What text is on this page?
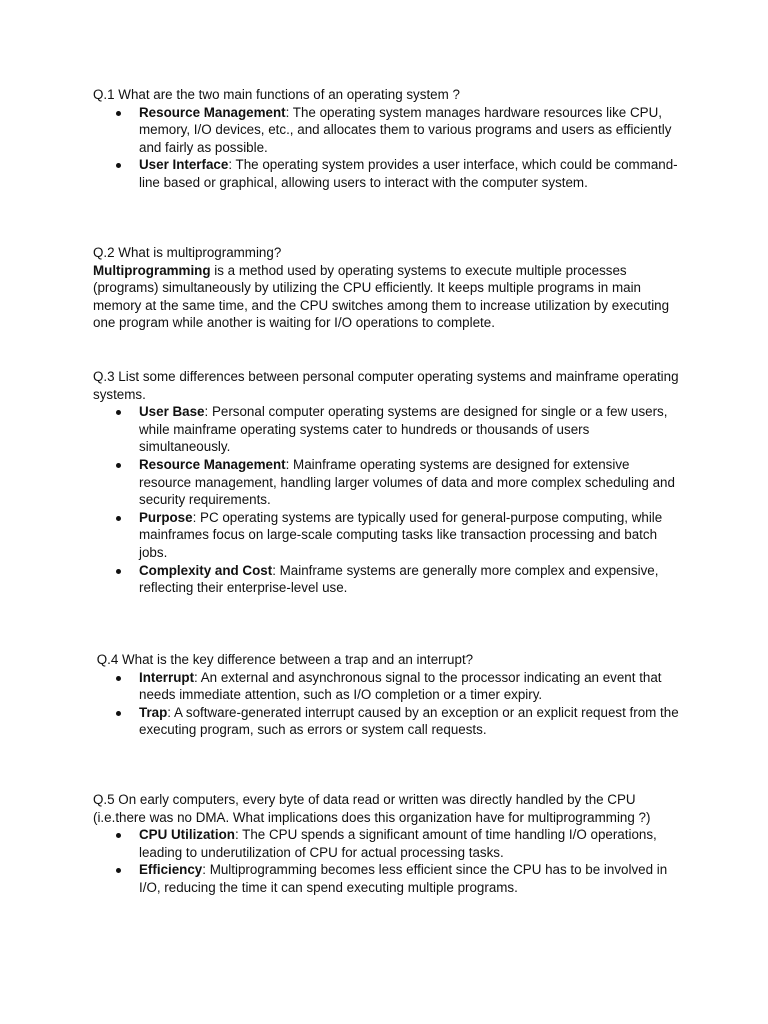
Q.1 What are the two main functions of an operating system ?

Resource Management: The operating system manages hardware resources like CPU, memory, I/O devices, etc., and allocates them to various programs and users as efficiently and fairly as possible.
User Interface: The operating system provides a user interface, which could be command-line based or graphical, allowing users to interact with the computer system.

Q.2 What is multiprogramming?

Multiprogramming is a method used by operating systems to execute multiple processes (programs) simultaneously by utilizing the CPU efficiently. It keeps multiple programs in main memory at the same time, and the CPU switches among them to increase utilization by executing one program while another is waiting for I/O operations to complete.

Q.3 List some differences between personal computer operating systems and mainframe operating systems.

User Base: Personal computer operating systems are designed for single or a few users, while mainframe operating systems cater to hundreds or thousands of users simultaneously.
Resource Management: Mainframe operating systems are designed for extensive resource management, handling larger volumes of data and more complex scheduling and security requirements.
Purpose: PC operating systems are typically used for general-purpose computing, while mainframes focus on large-scale computing tasks like transaction processing and batch jobs.
Complexity and Cost: Mainframe systems are generally more complex and expensive, reflecting their enterprise-level use.

Q.4 What is the key difference between a trap and an interrupt?

Interrupt: An external and asynchronous signal to the processor indicating an event that needs immediate attention, such as I/O completion or a timer expiry.
Trap: A software-generated interrupt caused by an exception or an explicit request from the executing program, such as errors or system call requests.

Q.5 On early computers, every byte of data read or written was directly handled by the CPU (i.e.there was no DMA. What implications does this organization have for multiprogramming ?)

CPU Utilization: The CPU spends a significant amount of time handling I/O operations, leading to underutilization of CPU for actual processing tasks.
Efficiency: Multiprogramming becomes less efficient since the CPU has to be involved in I/O, reducing the time it can spend executing multiple programs.
